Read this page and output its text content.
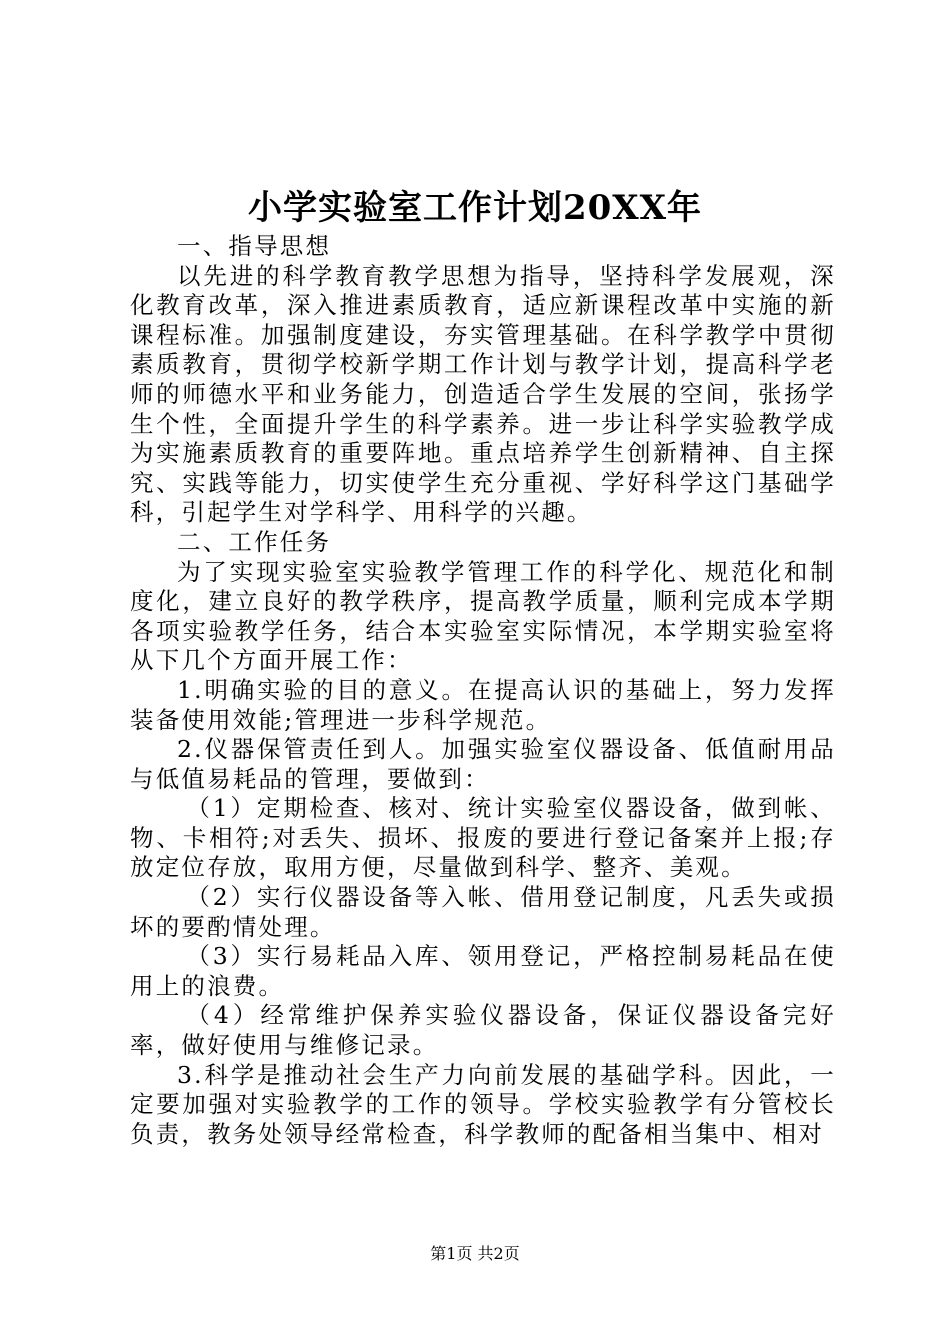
小学实验室工作计划20XX年

一、指导思想

以先进的科学教育教学思想为指导，坚持科学发展观，深化教育改革，深入推进素质教育，适应新课程改革中实施的新课程标准。加强制度建设，夯实管理基础。在科学教学中贯彻素质教育，贯彻学校新学期工作计划与教学计划，提高科学老师的师德水平和业务能力，创造适合学生发展的空间，张扬学生个性，全面提升学生的科学素养。进一步让科学实验教学成为实施素质教育的重要阵地。重点培养学生创新精神、自主探究、实践等能力，切实使学生充分重视、学好科学这门基础学科，引起学生对学科学、用科学的兴趣。

二、工作任务

为了实现实验室实验教学管理工作的科学化、规范化和制度化，建立良好的教学秩序，提高教学质量，顺利完成本学期各项实验教学任务，结合本实验室实际情况，本学期实验室将从下几个方面开展工作：

1.明确实验的目的意义。在提高认识的基础上，努力发挥装备使用效能;管理进一步科学规范。

2.仪器保管责任到人。加强实验室仪器设备、低值耐用品与低值易耗品的管理，要做到：

（1）定期检查、核对、统计实验室仪器设备，做到帐、物、卡相符;对丢失、损坏、报废的要进行登记备案并上报;存放定位存放，取用方便，尽量做到科学、整齐、美观。

（2）实行仪器设备等入帐、借用登记制度，凡丢失或损坏的要酌情处理。

（3）实行易耗品入库、领用登记，严格控制易耗品在使用上的浪费。

（4）经常维护保养实验仪器设备，保证仪器设备完好率，做好使用与维修记录。

3.科学是推动社会生产力向前发展的基础学科。因此，一定要加强对实验教学的工作的领导。学校实验教学有分管校长负责，教务处领导经常检查，科学教师的配备相当集中、相对

第1页 共2页
